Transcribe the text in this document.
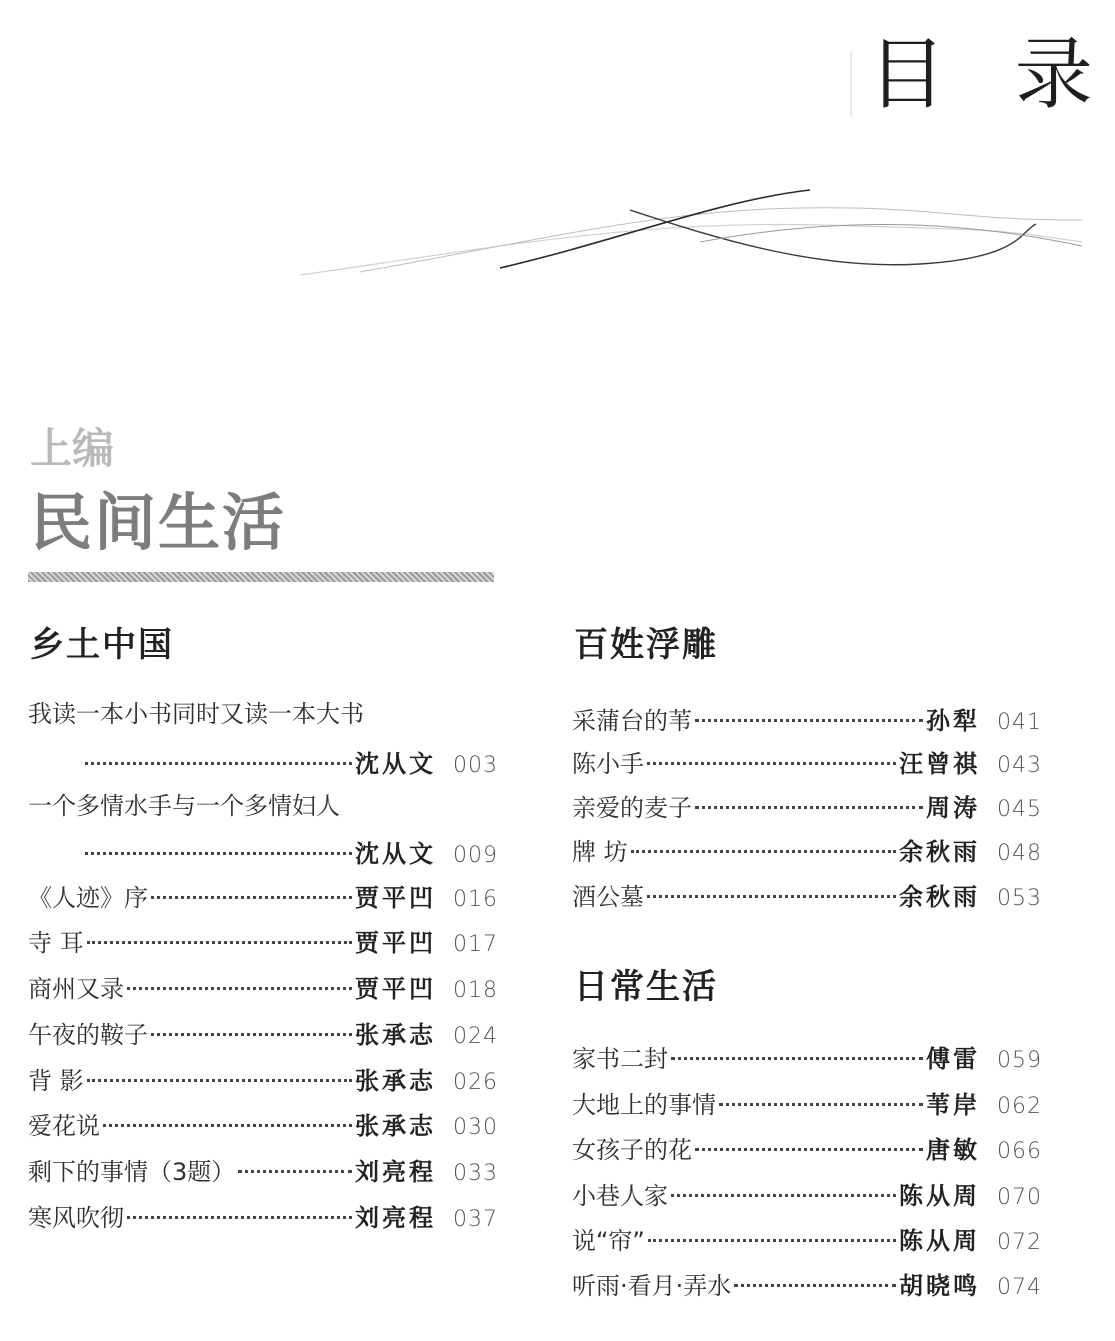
目 录
上编
民间生活
乡土中国	百姓浮雕
日常生活
我读一本小书同时又读一本大书
沈从文 003
一个多情水手与一个多情妇人
沈从文 009
《人迹》序	贾平凹 016
寺 耳	贾平凹 017
商州又录	贾平凹 018
午夜的鞍子	张承志 024
背 影	张承志 026
爱花说	张承志 030
剩下的事情（3题）	刘亮程 033
寒风吹彻	刘亮程 037
采蒲台的苇	孙犁 041
陈小手	汪曾祺 043
亲爱的麦子	周涛 045
牌 坊	余秋雨 048
酒公墓	余秋雨 053
家书二封	傅雷 059
大地上的事情	苇岸 062
女孩子的花	唐敏 066
小巷人家	陈从周 070
说“帘”	陈从周 072
听雨·看月·弄水	胡晓鸣 074
